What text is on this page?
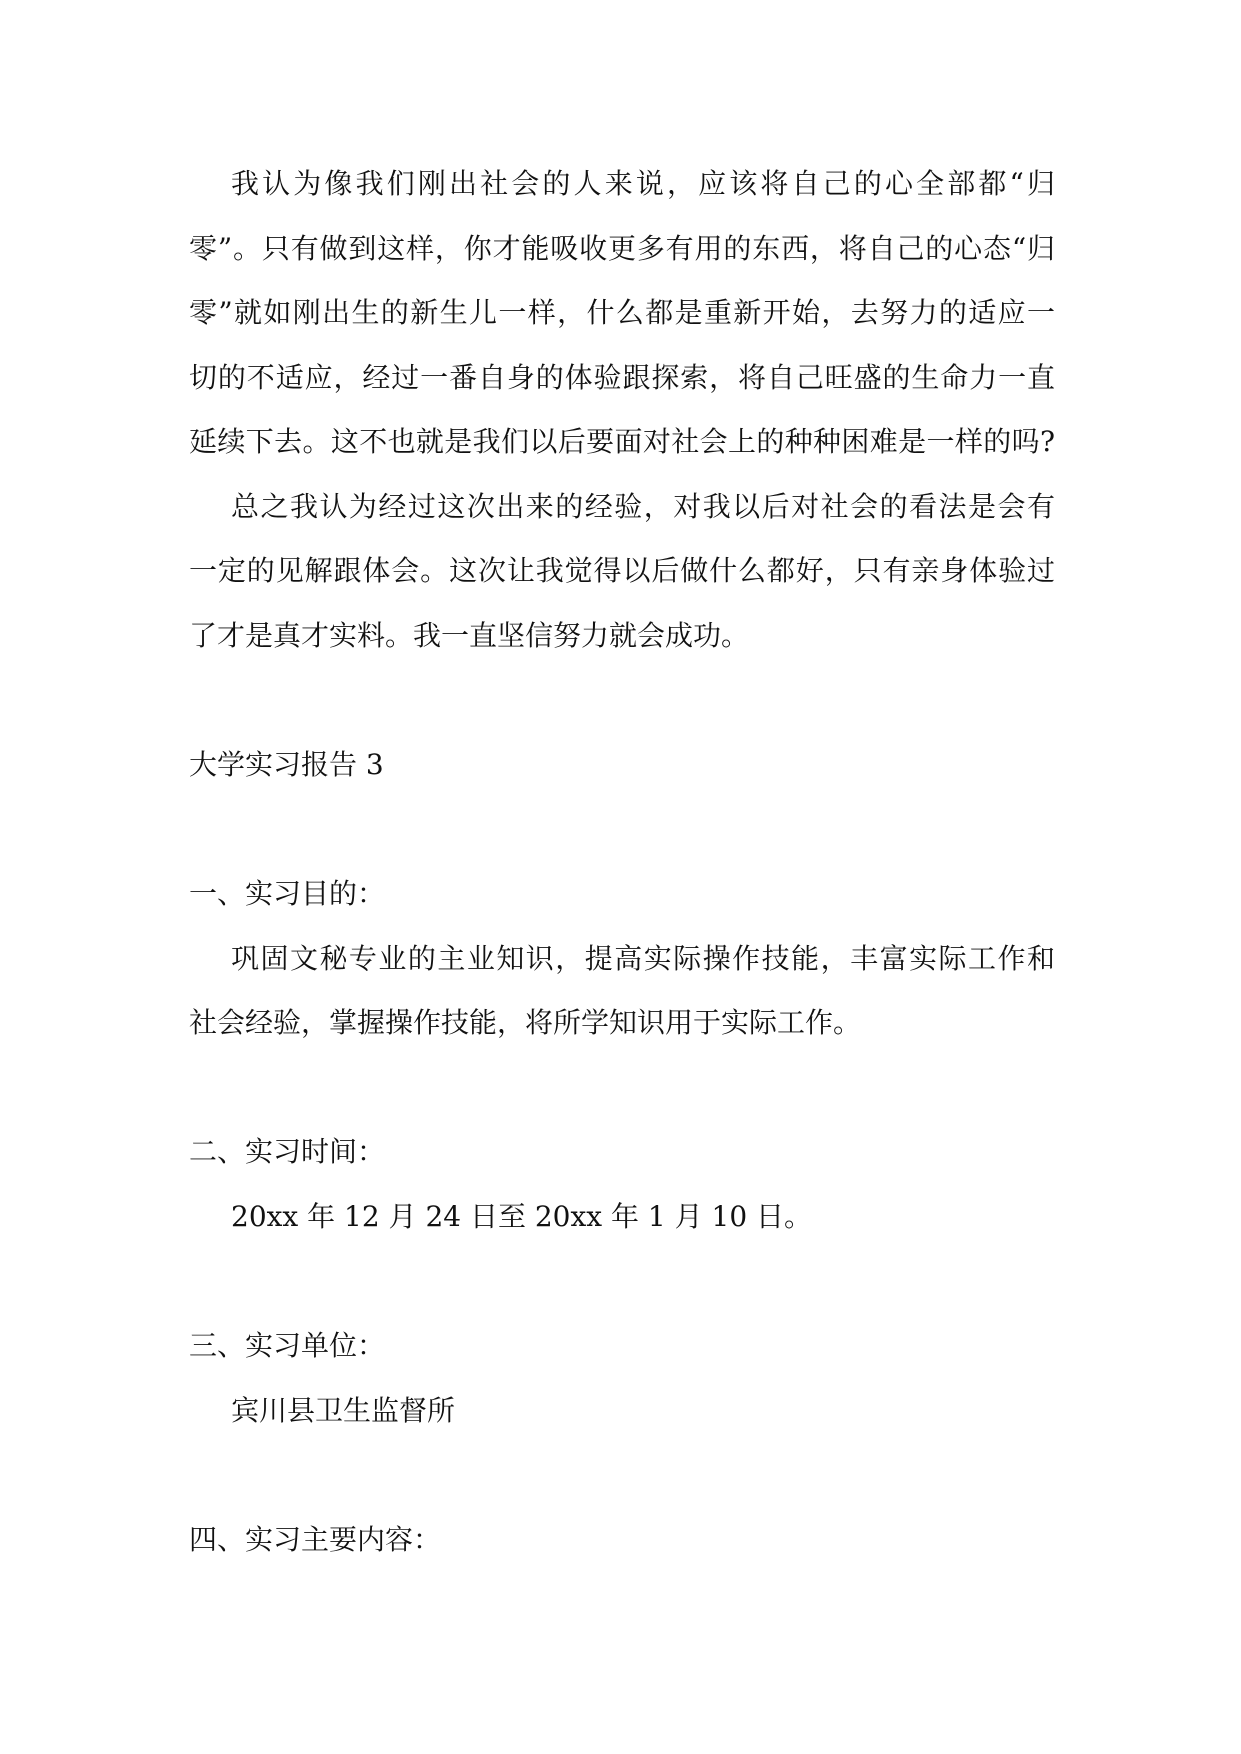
我认为像我们刚出社会的人来说，应该将自己的心全部都“归
零”。只有做到这样，你才能吸收更多有用的东西，将自己的心态“归
零”就如刚出生的新生儿一样，什么都是重新开始，去努力的适应一
切的不适应，经过一番自身的体验跟探索，将自己旺盛的生命力一直
延续下去。这不也就是我们以后要面对社会上的种种困难是一样的吗?
总之我认为经过这次出来的经验，对我以后对社会的看法是会有
一定的见解跟体会。这次让我觉得以后做什么都好，只有亲身体验过
了才是真才实料。我一直坚信努力就会成功。
大学实习报告 3
一、实习目的：
巩固文秘专业的主业知识，提高实际操作技能，丰富实际工作和
社会经验，掌握操作技能，将所学知识用于实际工作。
二、实习时间：
20xx 年 12 月 24 日至 20xx 年 1 月 10 日。
三、实习单位：
宾川县卫生监督所
四、实习主要内容：
